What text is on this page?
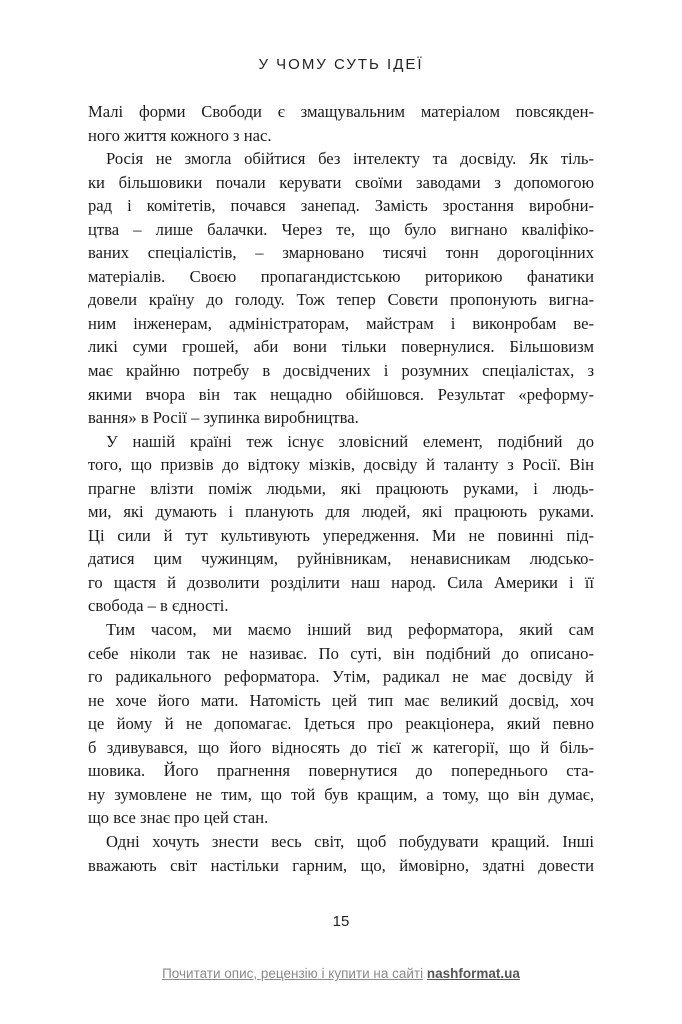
У ЧОМУ СУТЬ ІДЕЇ
Малі форми Свободи є змащувальним матеріалом повсякден-
ного життя кожного з нас.
Росія не змогла обійтися без інтелекту та досвіду. Як тіль-
ки більшовики почали керувати своїми заводами з допомогою
рад і комітетів, почався занепад. Замість зростання виробни-
цтва – лише балачки. Через те, що було вигнано кваліфіко-
ваних спеціалістів, – змарновано тисячі тонн дорогоцінних
матеріалів. Своєю пропагандистською риторикою фанатики
довели країну до голоду. Тож тепер Совєти пропонують вигна-
ним інженерам, адміністраторам, майстрам і виконробам ве-
ликі суми грошей, аби вони тільки повернулися. Більшовизм
має крайню потребу в досвідчених і розумних спеціалістах, з
якими вчора він так нещадно обійшовся. Результат «реформу-
вання» в Росії – зупинка виробництва.
У нашій країні теж існує зловісний елемент, подібний до
того, що призвів до відтоку мізків, досвіду й таланту з Росії. Він
прагне влізти поміж людьми, які працюють руками, і людь-
ми, які думають і планують для людей, які працюють руками.
Ці сили й тут культивують упередження. Ми не повинні під-
датися цим чужинцям, руйнівникам, ненависникам людсько-
го щастя й дозволити розділити наш народ. Сила Америки і її
свобода – в єдності.
Тим часом, ми маємо інший вид реформатора, який сам
себе ніколи так не називає. По суті, він подібний до описано-
го радикального реформатора. Утім, радикал не має досвіду й
не хоче його мати. Натомість цей тип має великий досвід, хоч
це йому й не допомагає. Ідеться про реакціонера, який певно
б здивувався, що його відносять до тієї ж категорії, що й біль-
шовика. Його прагнення повернутися до попереднього ста-
ну зумовлене не тим, що той був кращим, а тому, що він думає,
що все знає про цей стан.
Одні хочуть знести весь світ, щоб побудувати кращий. Інші
вважають світ настільки гарним, що, ймовірно, здатні довести
15
Почитати опис, рецензію і купити на сайті nashformat.ua
